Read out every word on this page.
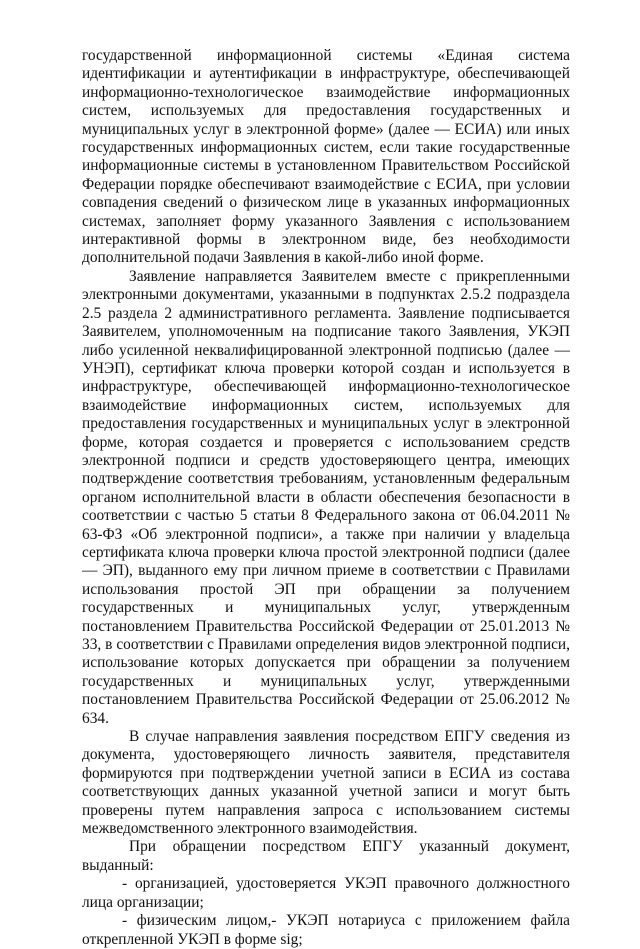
государственной информационной системы «Единая система идентификации и аутентификации в инфраструктуре, обеспечивающей информационно-технологическое взаимодействие информационных систем, используемых для предоставления государственных и муниципальных услуг в электронной форме» (далее — ЕСИА) или иных государственных информационных систем, если такие государственные информационные системы в установленном Правительством Российской Федерации порядке обеспечивают взаимодействие с ЕСИА, при условии совпадения сведений о физическом лице в указанных информационных системах, заполняет форму указанного Заявления с использованием интерактивной формы в электронном виде, без необходимости дополнительной подачи Заявления в какой-либо иной форме.

Заявление направляется Заявителем вместе с прикрепленными электронными документами, указанными в подпунктах 2.5.2 подраздела 2.5 раздела 2 административного регламента. Заявление подписывается Заявителем, уполномоченным на подписание такого Заявления, УКЭП либо усиленной неквалифицированной электронной подписью (далее — УНЭП), сертификат ключа проверки которой создан и используется в инфраструктуре, обеспечивающей информационно-технологическое взаимодействие информационных систем, используемых для предоставления государственных и муниципальных услуг в электронной форме, которая создается и проверяется с использованием средств электронной подписи и средств удостоверяющего центра, имеющих подтверждение соответствия требованиям, установленным федеральным органом исполнительной власти в области обеспечения безопасности в соответствии с частью 5 статьи 8 Федерального закона от 06.04.2011 № 63-ФЗ «Об электронной подписи», а также при наличии у владельца сертификата ключа проверки ключа простой электронной подписи (далее — ЭП), выданного ему при личном приеме в соответствии с Правилами использования простой ЭП при обращении за получением государственных и муниципальных услуг, утвержденным постановлением Правительства Российской Федерации от 25.01.2013 № 33, в соответствии с Правилами определения видов электронной подписи, использование которых допускается при обращении за получением государственных и муниципальных услуг, утвержденными постановлением Правительства Российской Федерации от 25.06.2012 № 634.

В случае направления заявления посредством ЕПГУ сведения из документа, удостоверяющего личность заявителя, представителя формируются при подтверждении учетной записи в ЕСИА из состава соответствующих данных указанной учетной записи и могут быть проверены путем направления запроса с использованием системы межведомственного электронного взаимодействия.

При обращении посредством ЕПГУ указанный документ, выданный:

- организацией, удостоверяется УКЭП правочного должностного лица организации;

- физическим лицом,- УКЭП нотариуса с приложением файла открепленной УКЭП в форме sig;
